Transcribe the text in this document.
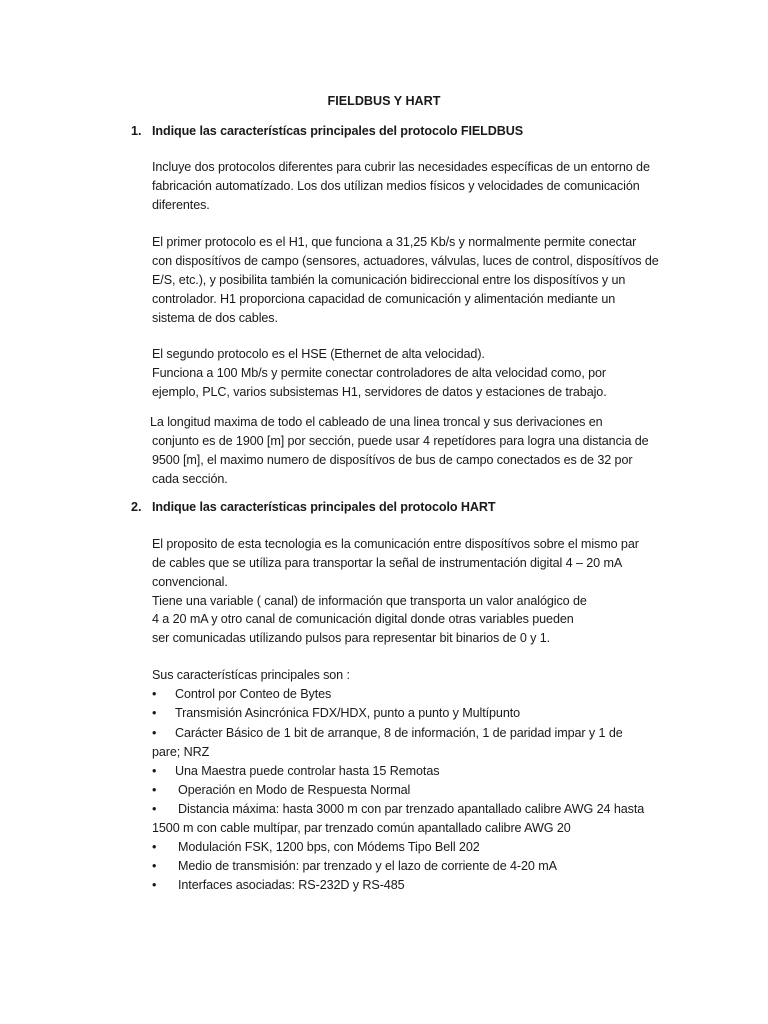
FIELDBUS Y HART
1. Indique las característícas principales del protocolo FIELDBUS
Incluye dos protocolos diferentes para cubrir las necesidades específicas de un entorno de
fabricación automatízado. Los dos utílizan medios físicos y velocidades de comunicación
diferentes.
El primer protocolo es el H1, que funciona a 31,25 Kb/s y normalmente permite conectar
con disposítívos de campo (sensores, actuadores, válvulas, luces de control, disposítívos de
E/S, etc.), y posibilita también la comunicación bidireccional entre los disposítívos y un
controlador. H1 proporciona capacidad de comunicación y alimentación mediante un
sistema de dos cables.
El segundo protocolo es el HSE (Ethernet de alta velocidad).
Funciona a 100 Mb/s y permite conectar controladores de alta velocidad como, por
ejemplo, PLC, varios subsistemas H1, servidores de datos y estaciones de trabajo.
La longitud maxima de todo el cableado de una linea troncal y sus derivaciones en
conjunto es de 1900 [m] por sección, puede usar 4 repetídores para logra una distancia de
9500 [m], el maximo numero de disposítívos de bus de campo conectados es de 32 por
cada sección.
2. Indique las características principales del protocolo HART
El proposito de esta tecnologia es la comunicación entre disposítívos sobre el mismo par
de cables que se utíliza para transportar la señal de instrumentación digital 4 – 20 mA
convencional.
Tiene una variable ( canal) de información que transporta un valor analógico de
4 a 20 mA y otro canal de comunicación digital donde otras variables pueden
ser comunicadas utílizando pulsos para representar bit binarios de 0 y 1.
Sus característícas principales son :
• Control por Conteo de Bytes
• Transmisión Asincrónica FDX/HDX, punto a punto y Multípunto
• Carácter Básico de 1 bit de arranque, 8 de información, 1 de paridad impar y 1 de
pare; NRZ
• Una Maestra puede controlar hasta 15 Remotas
• Operación en Modo de Respuesta Normal
• Distancia máxima: hasta 3000 m con par trenzado apantallado calibre AWG 24 hasta
1500 m con cable multípar, par trenzado común apantallado calibre AWG 20
• Modulación FSK, 1200 bps, con Módems Tipo Bell 202
• Medio de transmisión: par trenzado y el lazo de corriente de 4-20 mA
• Interfaces asociadas: RS-232D y RS-485
